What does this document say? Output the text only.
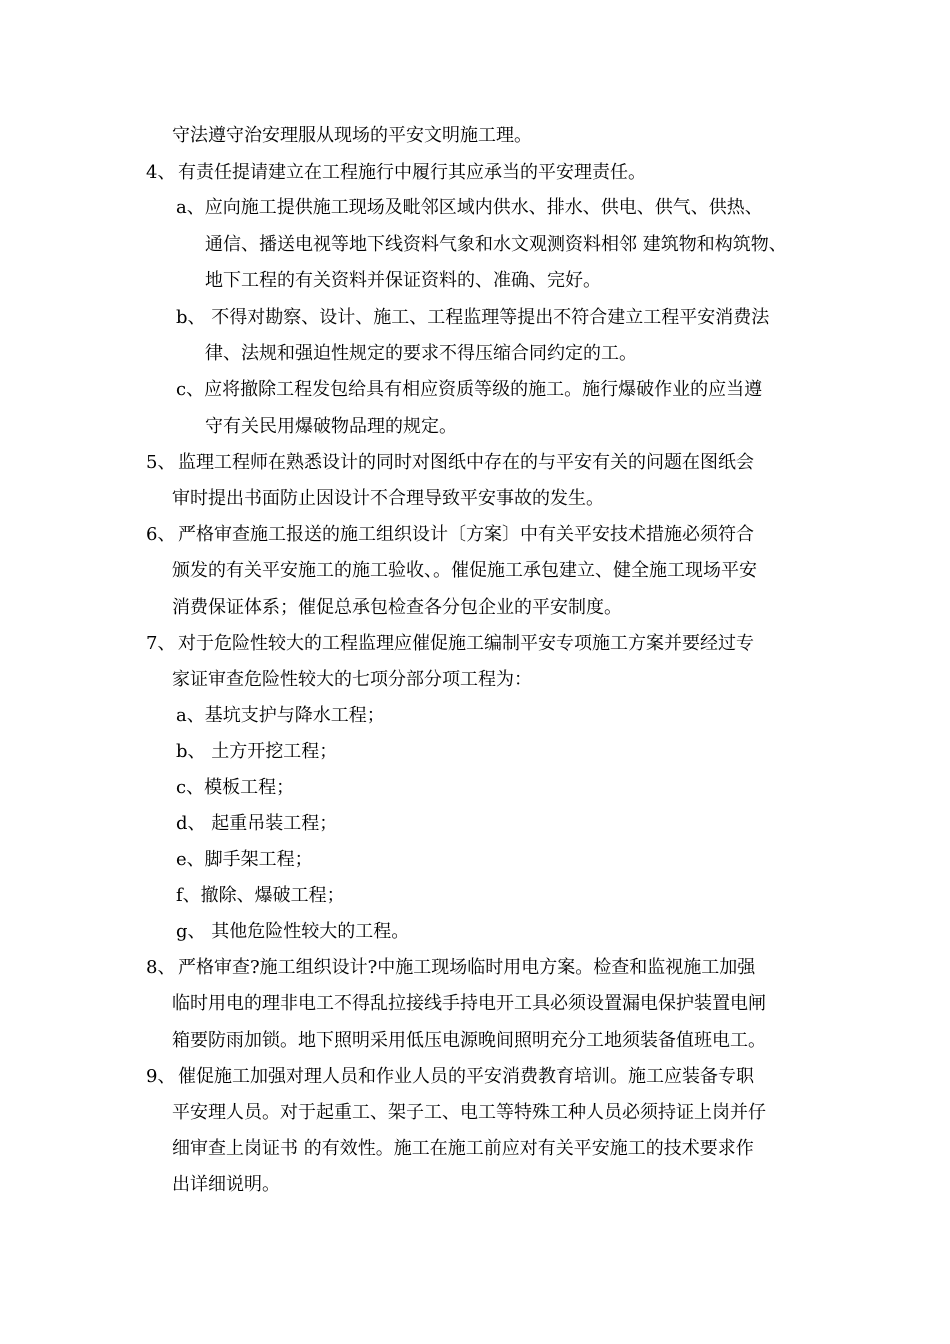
守法遵守治安理服从现场的平安文明施工理。
4、 有责任提请建立在工程施行中履行其应承当的平安理责任。
a、应向施工提供施工现场及毗邻区域内供水、排水、供电、供气、供热、
通信、播送电视等地下线资料气象和水文观测资料相邻 建筑物和构筑物、
地下工程的有关资料并保证资料的、准确、完好。
b、 不得对勘察、设计、施工、工程监理等提出不符合建立工程平安消费法
律、法规和强迫性规定的要求不得压缩合同约定的工。
c、应将撤除工程发包给具有相应资质等级的施工。施行爆破作业的应当遵
守有关民用爆破物品理的规定。
5、 监理工程师在熟悉设计的同时对图纸中存在的与平安有关的问题在图纸会
审时提出书面防止因设计不合理导致平安事故的发生。
6、 严格审查施工报送的施工组织设计〔方案〕中有关平安技术措施必须符合
颁发的有关平安施工的施工验收、。催促施工承包建立、健全施工现场平安
消费保证体系；催促总承包检查各分包企业的平安制度。
7、 对于危险性较大的工程监理应催促施工编制平安专项施工方案并要经过专
家证审查危险性较大的七项分部分项工程为：
a、基坑支护与降水工程；
b、 土方开挖工程；
c、模板工程；
d、 起重吊装工程；
e、脚手架工程；
f、撤除、爆破工程；
g、 其他危险性较大的工程。
8、 严格审查?施工组织设计?中施工现场临时用电方案。检查和监视施工加强
临时用电的理非电工不得乱拉接线手持电开工具必须设置漏电保护装置电闸
箱要防雨加锁。地下照明采用低压电源晚间照明充分工地须装备值班电工。
9、 催促施工加强对理人员和作业人员的平安消费教育培训。施工应装备专职
平安理人员。对于起重工、架子工、电工等特殊工种人员必须持证上岗并仔
细审查上岗证书 的有效性。施工在施工前应对有关平安施工的技术要求作
出详细说明。
